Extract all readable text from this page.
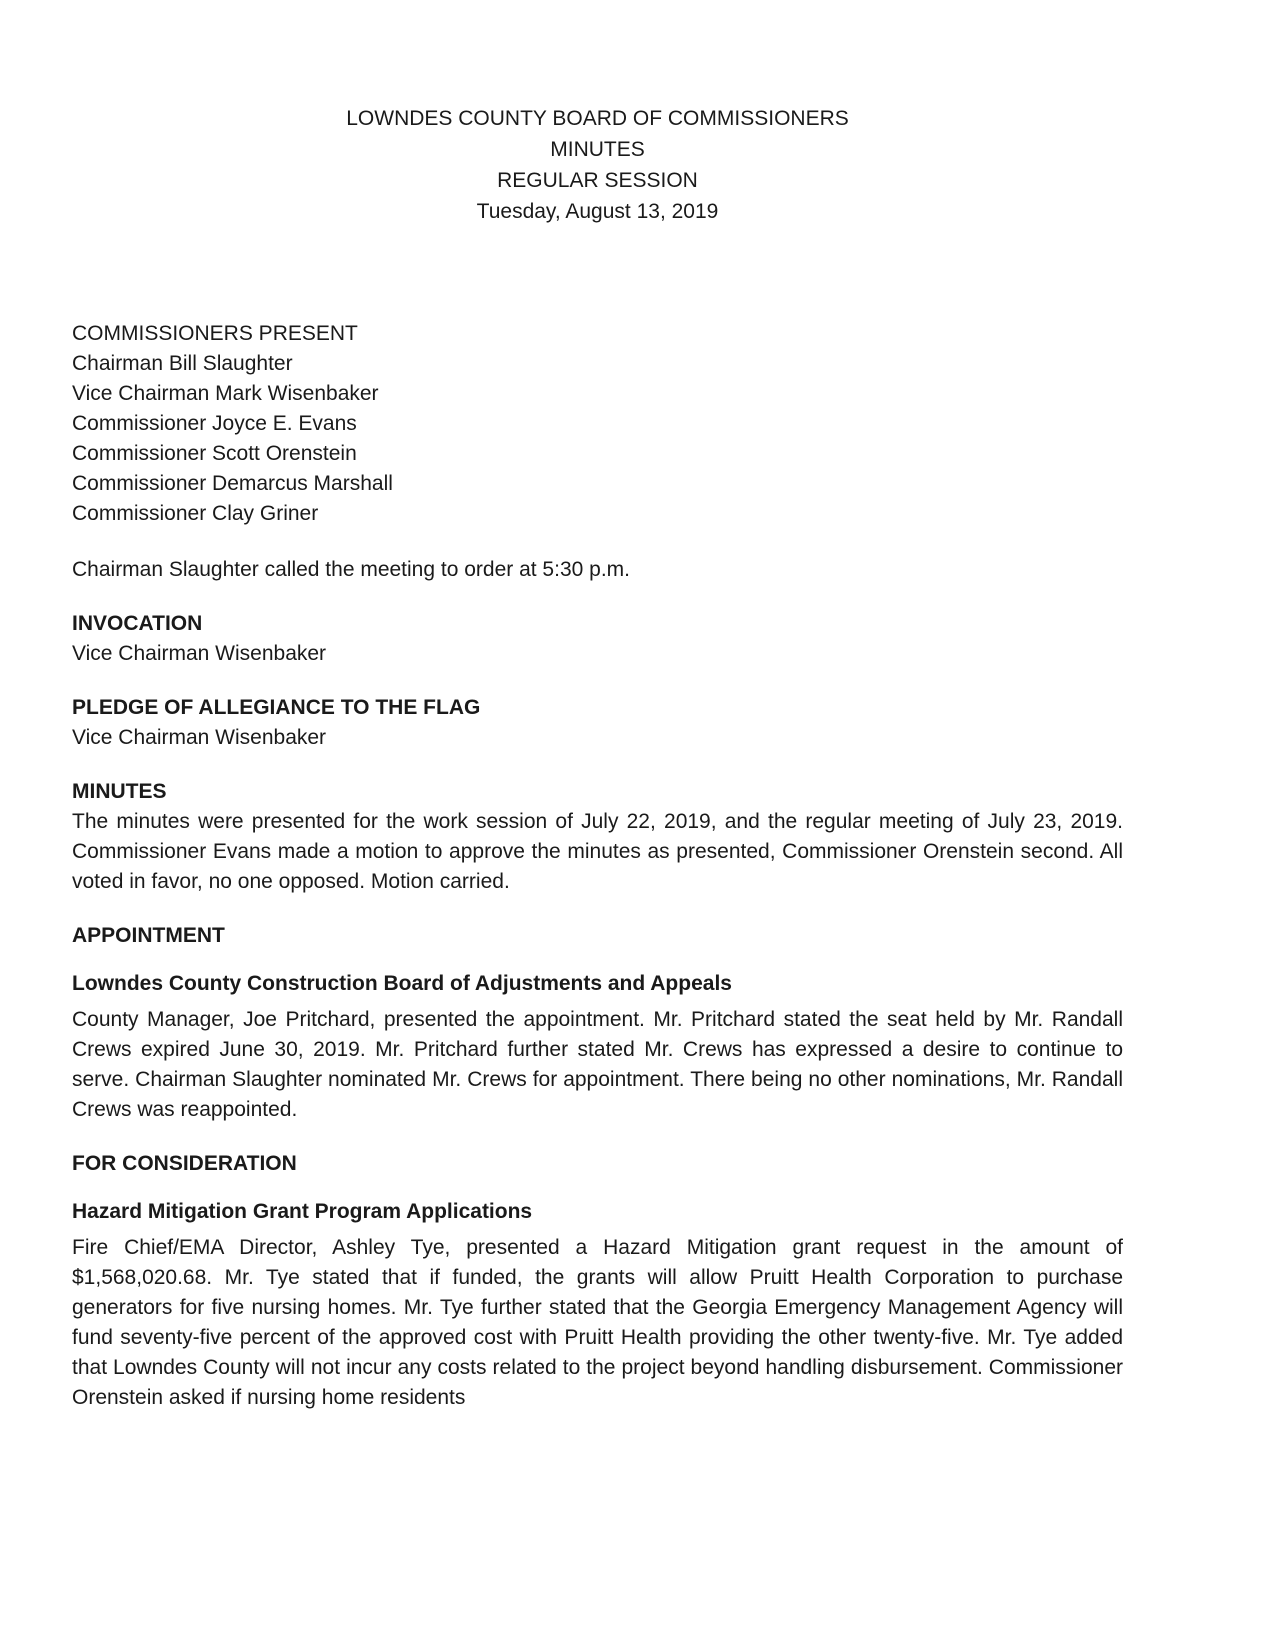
LOWNDES COUNTY BOARD OF COMMISSIONERS
MINUTES
REGULAR SESSION
Tuesday, August 13, 2019
COMMISSIONERS PRESENT
Chairman Bill Slaughter
Vice Chairman Mark Wisenbaker
Commissioner Joyce E. Evans
Commissioner Scott Orenstein
Commissioner Demarcus Marshall
Commissioner Clay Griner

Chairman Slaughter called the meeting to order at 5:30 p.m.

INVOCATION
Vice Chairman Wisenbaker
PLEDGE OF ALLEGIANCE TO THE FLAG
Vice Chairman Wisenbaker
MINUTES

The minutes were presented for the work session of July 22, 2019, and the regular meeting of July 23, 2019. Commissioner Evans made a motion to approve the minutes as presented, Commissioner Orenstein second. All voted in favor, no one opposed. Motion carried.

APPOINTMENT
Lowndes County Construction Board of Adjustments and Appeals

County Manager, Joe Pritchard, presented the appointment. Mr. Pritchard stated the seat held by Mr. Randall Crews expired June 30, 2019. Mr. Pritchard further stated Mr. Crews has expressed a desire to continue to serve. Chairman Slaughter nominated Mr. Crews for appointment. There being no other nominations, Mr. Randall Crews was reappointed.

FOR CONSIDERATION
Hazard Mitigation Grant Program Applications

Fire Chief/EMA Director, Ashley Tye, presented a Hazard Mitigation grant request in the amount of $1,568,020.68. Mr. Tye stated that if funded, the grants will allow Pruitt Health Corporation to purchase generators for five nursing homes. Mr. Tye further stated that the Georgia Emergency Management Agency will fund seventy-five percent of the approved cost with Pruitt Health providing the other twenty-five. Mr. Tye added that Lowndes County will not incur any costs related to the project beyond handling disbursement. Commissioner Orenstein asked if nursing home residents
